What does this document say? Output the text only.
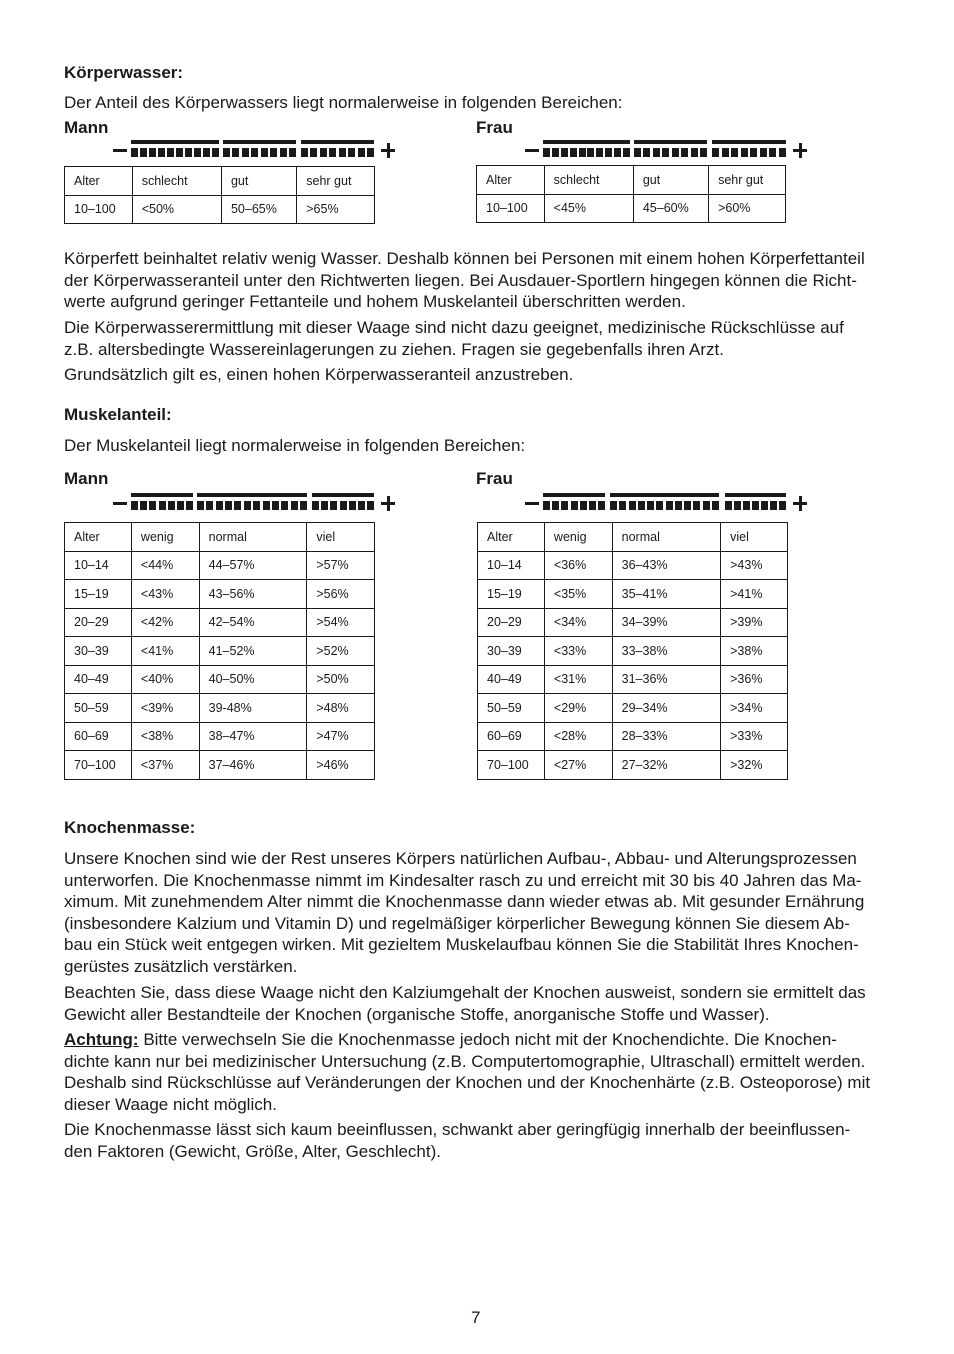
Körperwasser:
Der Anteil des Körperwassers liegt normalerweise in folgenden Bereichen:
Mann	Frau
Alter	schlecht	gut	sehr gut
10–100	<50%	50–65%	>65%
Alter	schlecht	gut	sehr gut
10–100	<45%	45–60%	>60%
Körperfett beinhaltet relativ wenig Wasser. Deshalb können bei Personen mit einem hohen Körperfettanteil
der Körperwasseranteil unter den Richtwerten liegen. Bei Ausdauer-Sportlern hingegen können die Richt-
werte aufgrund geringer Fettanteile und hohem Muskelanteil überschritten werden.
Die Körperwasserermittlung mit dieser Waage sind nicht dazu geeignet, medizinische Rückschlüsse auf
z.B. altersbedingte Wassereinlagerungen zu ziehen. Fragen sie gegebenfalls ihren Arzt.
Grundsätzlich gilt es, einen hohen Körperwasseranteil anzustreben.
Muskelanteil:
Der Muskelanteil liegt normalerweise in folgenden Bereichen:
Mann	Frau
Alter	wenig	normal	viel
10–14	<44%	44–57%	>57%
15–19	<43%	43–56%	>56%
20–29	<42%	42–54%	>54%
30–39	<41%	41–52%	>52%
40–49	<40%	40–50%	>50%
50–59	<39%	39-48%	>48%
60–69	<38%	38–47%	>47%
70–100	<37%	37–46%	>46%
Alter	wenig	normal	viel
10–14	<36%	36–43%	>43%
15–19	<35%	35–41%	>41%
20–29	<34%	34–39%	>39%
30–39	<33%	33–38%	>38%
40–49	<31%	31–36%	>36%
50–59	<29%	29–34%	>34%
60–69	<28%	28–33%	>33%
70–100	<27%	27–32%	>32%
Knochenmasse:
Unsere Knochen sind wie der Rest unseres Körpers natürlichen Aufbau-, Abbau- und Alterungsprozessen
unterworfen. Die Knochenmasse nimmt im Kindesalter rasch zu und erreicht mit 30 bis 40 Jahren das Ma-
ximum. Mit zunehmendem Alter nimmt die Knochenmasse dann wieder etwas ab. Mit gesunder Ernährung
(insbesondere Kalzium und Vitamin D) und regelmäßiger körperlicher Bewegung können Sie diesem Ab-
bau ein Stück weit entgegen wirken. Mit gezieltem Muskelaufbau können Sie die Stabilität Ihres Knochen-
gerüstes zusätzlich verstärken.
Beachten Sie, dass diese Waage nicht den Kalziumgehalt der Knochen ausweist, sondern sie ermittelt das
Gewicht aller Bestandteile der Knochen (organische Stoffe, anorganische Stoffe und Wasser).
Achtung: Bitte verwechseln Sie die Knochenmasse jedoch nicht mit der Knochendichte. Die Knochen-
dichte kann nur bei medizinischer Untersuchung (z.B. Computertomographie, Ultraschall) ermittelt werden.
Deshalb sind Rückschlüsse auf Veränderungen der Knochen und der Knochenhärte (z.B. Osteoporose) mit
dieser Waage nicht möglich.
Die Knochenmasse lässt sich kaum beeinflussen, schwankt aber geringfügig innerhalb der beeinflussen-
den Faktoren (Gewicht, Größe, Alter, Geschlecht).
7
